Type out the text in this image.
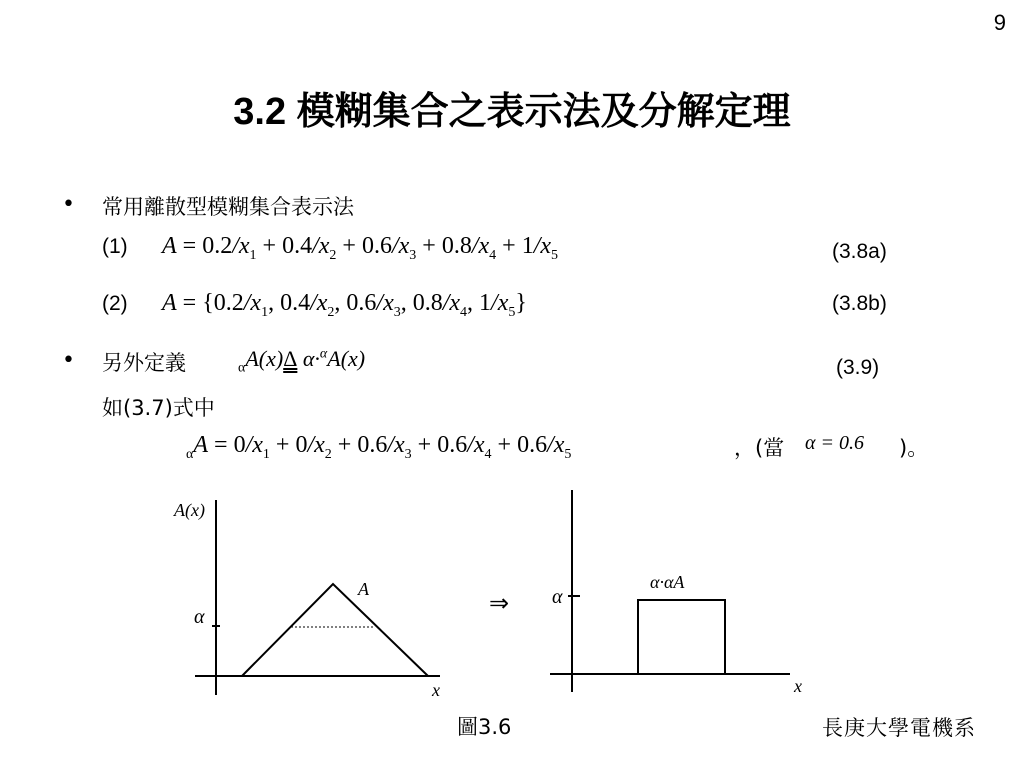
9
3.2 模糊集合之表示法及分解定理
• 常用離散型模糊集合表示法
(1) $A = 0.2/x_1 + 0.4/x_2 + 0.6/x_3 + 0.8/x_4 + 1/x_5$	(3.8a)
(2) $A = \{0.2/x_1$, $0.4/x_2$, $0.6/x_3$, $0.8/x_4$, $1/x_5$}	(3.8b)
• 另外定義	$_\alpha$A(x)Δ α·$^\alpha$A(x)	(3.9)
如(3.7)式中
$_\alpha A = 0/x_1 + 0/x_2 + 0.6/x_3 + 0.6/x_4 + 0.6/x_5$	，(當 α = 0.6 )。
A(x)
α
A
x
⇒ α
α·αA
x
圖3.6	長庚大學電機系
